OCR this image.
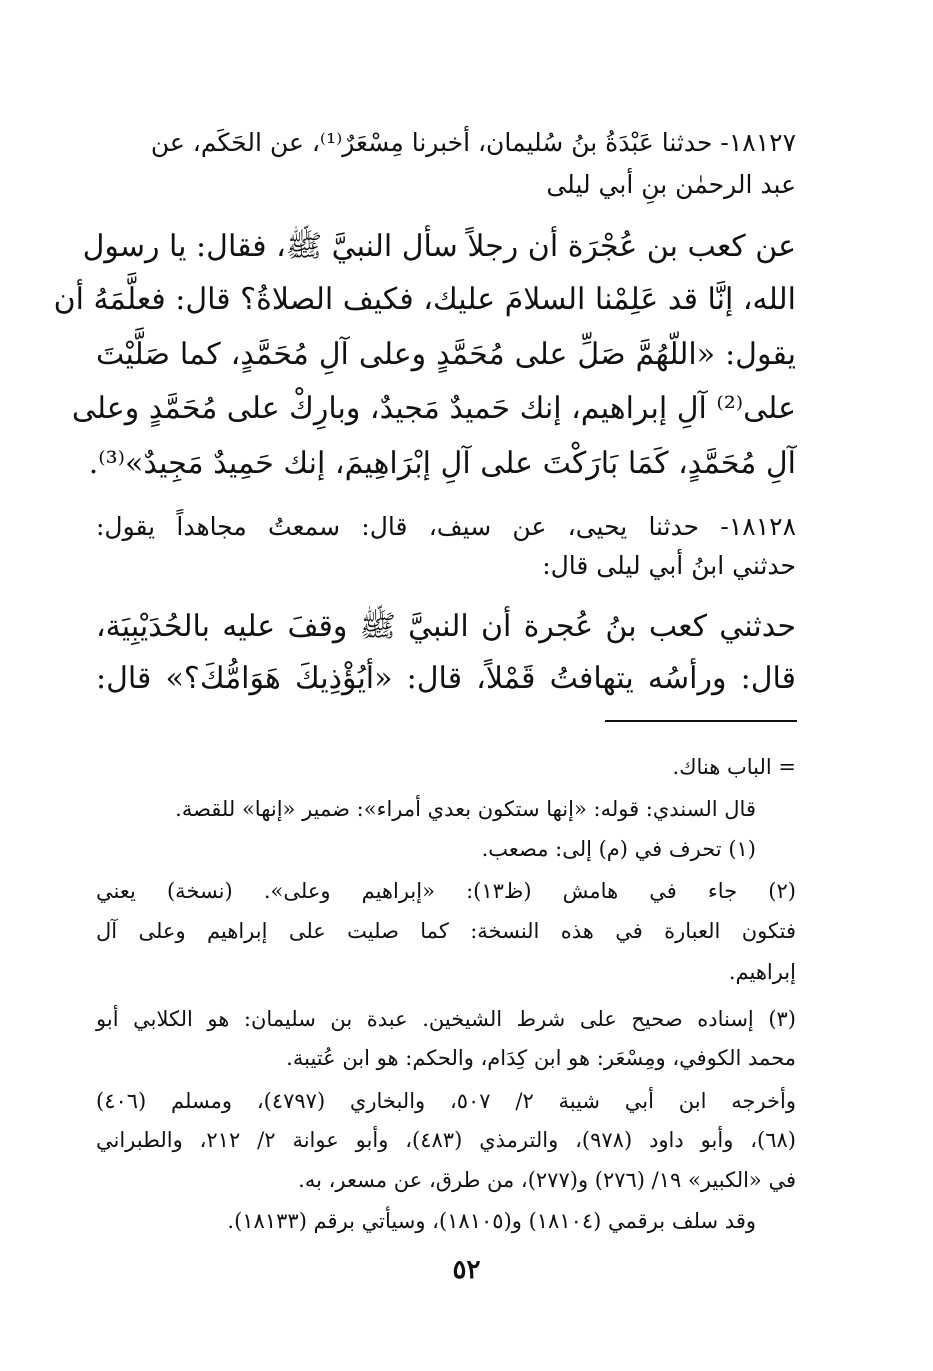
١٨١٢٧- حدثنا عَبْدَةُ بنُ سُليمان، أخبرنا مِسْعَرٌ⁽¹⁾، عن الحَكَم، عن
عبد الرحمٰن بنِ أبي ليلى
عن كعب بن عُجْرَة أن رجلاً سأل النبيَّ ﷺ، فقال: يا رسول
الله، إنَّا قد عَلِمْنا السلامَ عليك، فكيف الصلاةُ؟ قال: فعلَّمَهُ أن
يقول: «اللّهُمَّ صَلِّ على مُحَمَّدٍ وعلى آلِ مُحَمَّدٍ، كما صَلَّيْتَ
على⁽²⁾ آلِ إبراهيم، إنك حَميدٌ مَجيدٌ، وبارِكْ على مُحَمَّدٍ وعلى
آلِ مُحَمَّدٍ، كَمَا بَارَكْتَ على آلِ إبْرَاهِيمَ، إنك حَمِيدٌ مَجِيدٌ»⁽³⁾.
١٨١٢٨- حدثنا يحيى، عن سيف، قال: سمعتُ مجاهداً يقول:
حدثني ابنُ أبي ليلى قال:
حدثني كعب بنُ عُجرة أن النبيَّ ﷺ وقفَ عليه بالحُدَيْبِيَة،
قال: ورأسُه يتهافتُ قَمْلاً، قال: «أيُؤْذِيكَ هَوَامُّكَ؟» قال:
= الباب هناك.
قال السندي: قوله: «إنها ستكون بعدي أمراء»: ضمير «إنها» للقصة.
(١) تحرف في (م) إلى: مصعب.
(٢) جاء في هامش (ظ١٣): «إبراهيم وعلى». (نسخة) يعني
فتكون العبارة في هذه النسخة: كما صليت على إبراهيم وعلى آل
إبراهيم.
(٣) إسناده صحيح على شرط الشيخين. عبدة بن سليمان: هو الكلابي أبو
محمد الكوفي، ومِسْعَر: هو ابن كِدَام، والحكم: هو ابن عُتيبة.
وأخرجه ابن أبي شيبة ٢/ ٥٠٧، والبخاري (٤٧٩٧)، ومسلم (٤٠٦)
(٦٨)، وأبو داود (٩٧٨)، والترمذي (٤٨٣)، وأبو عوانة ٢/ ٢١٢، والطبراني
في «الكبير» ١٩/ (٢٧٦) و(٢٧٧)، من طرق، عن مسعر، به.
وقد سلف برقمي (١٨١٠٤) و(١٨١٠٥)، وسيأتي برقم (١٨١٣٣).
٥٢
